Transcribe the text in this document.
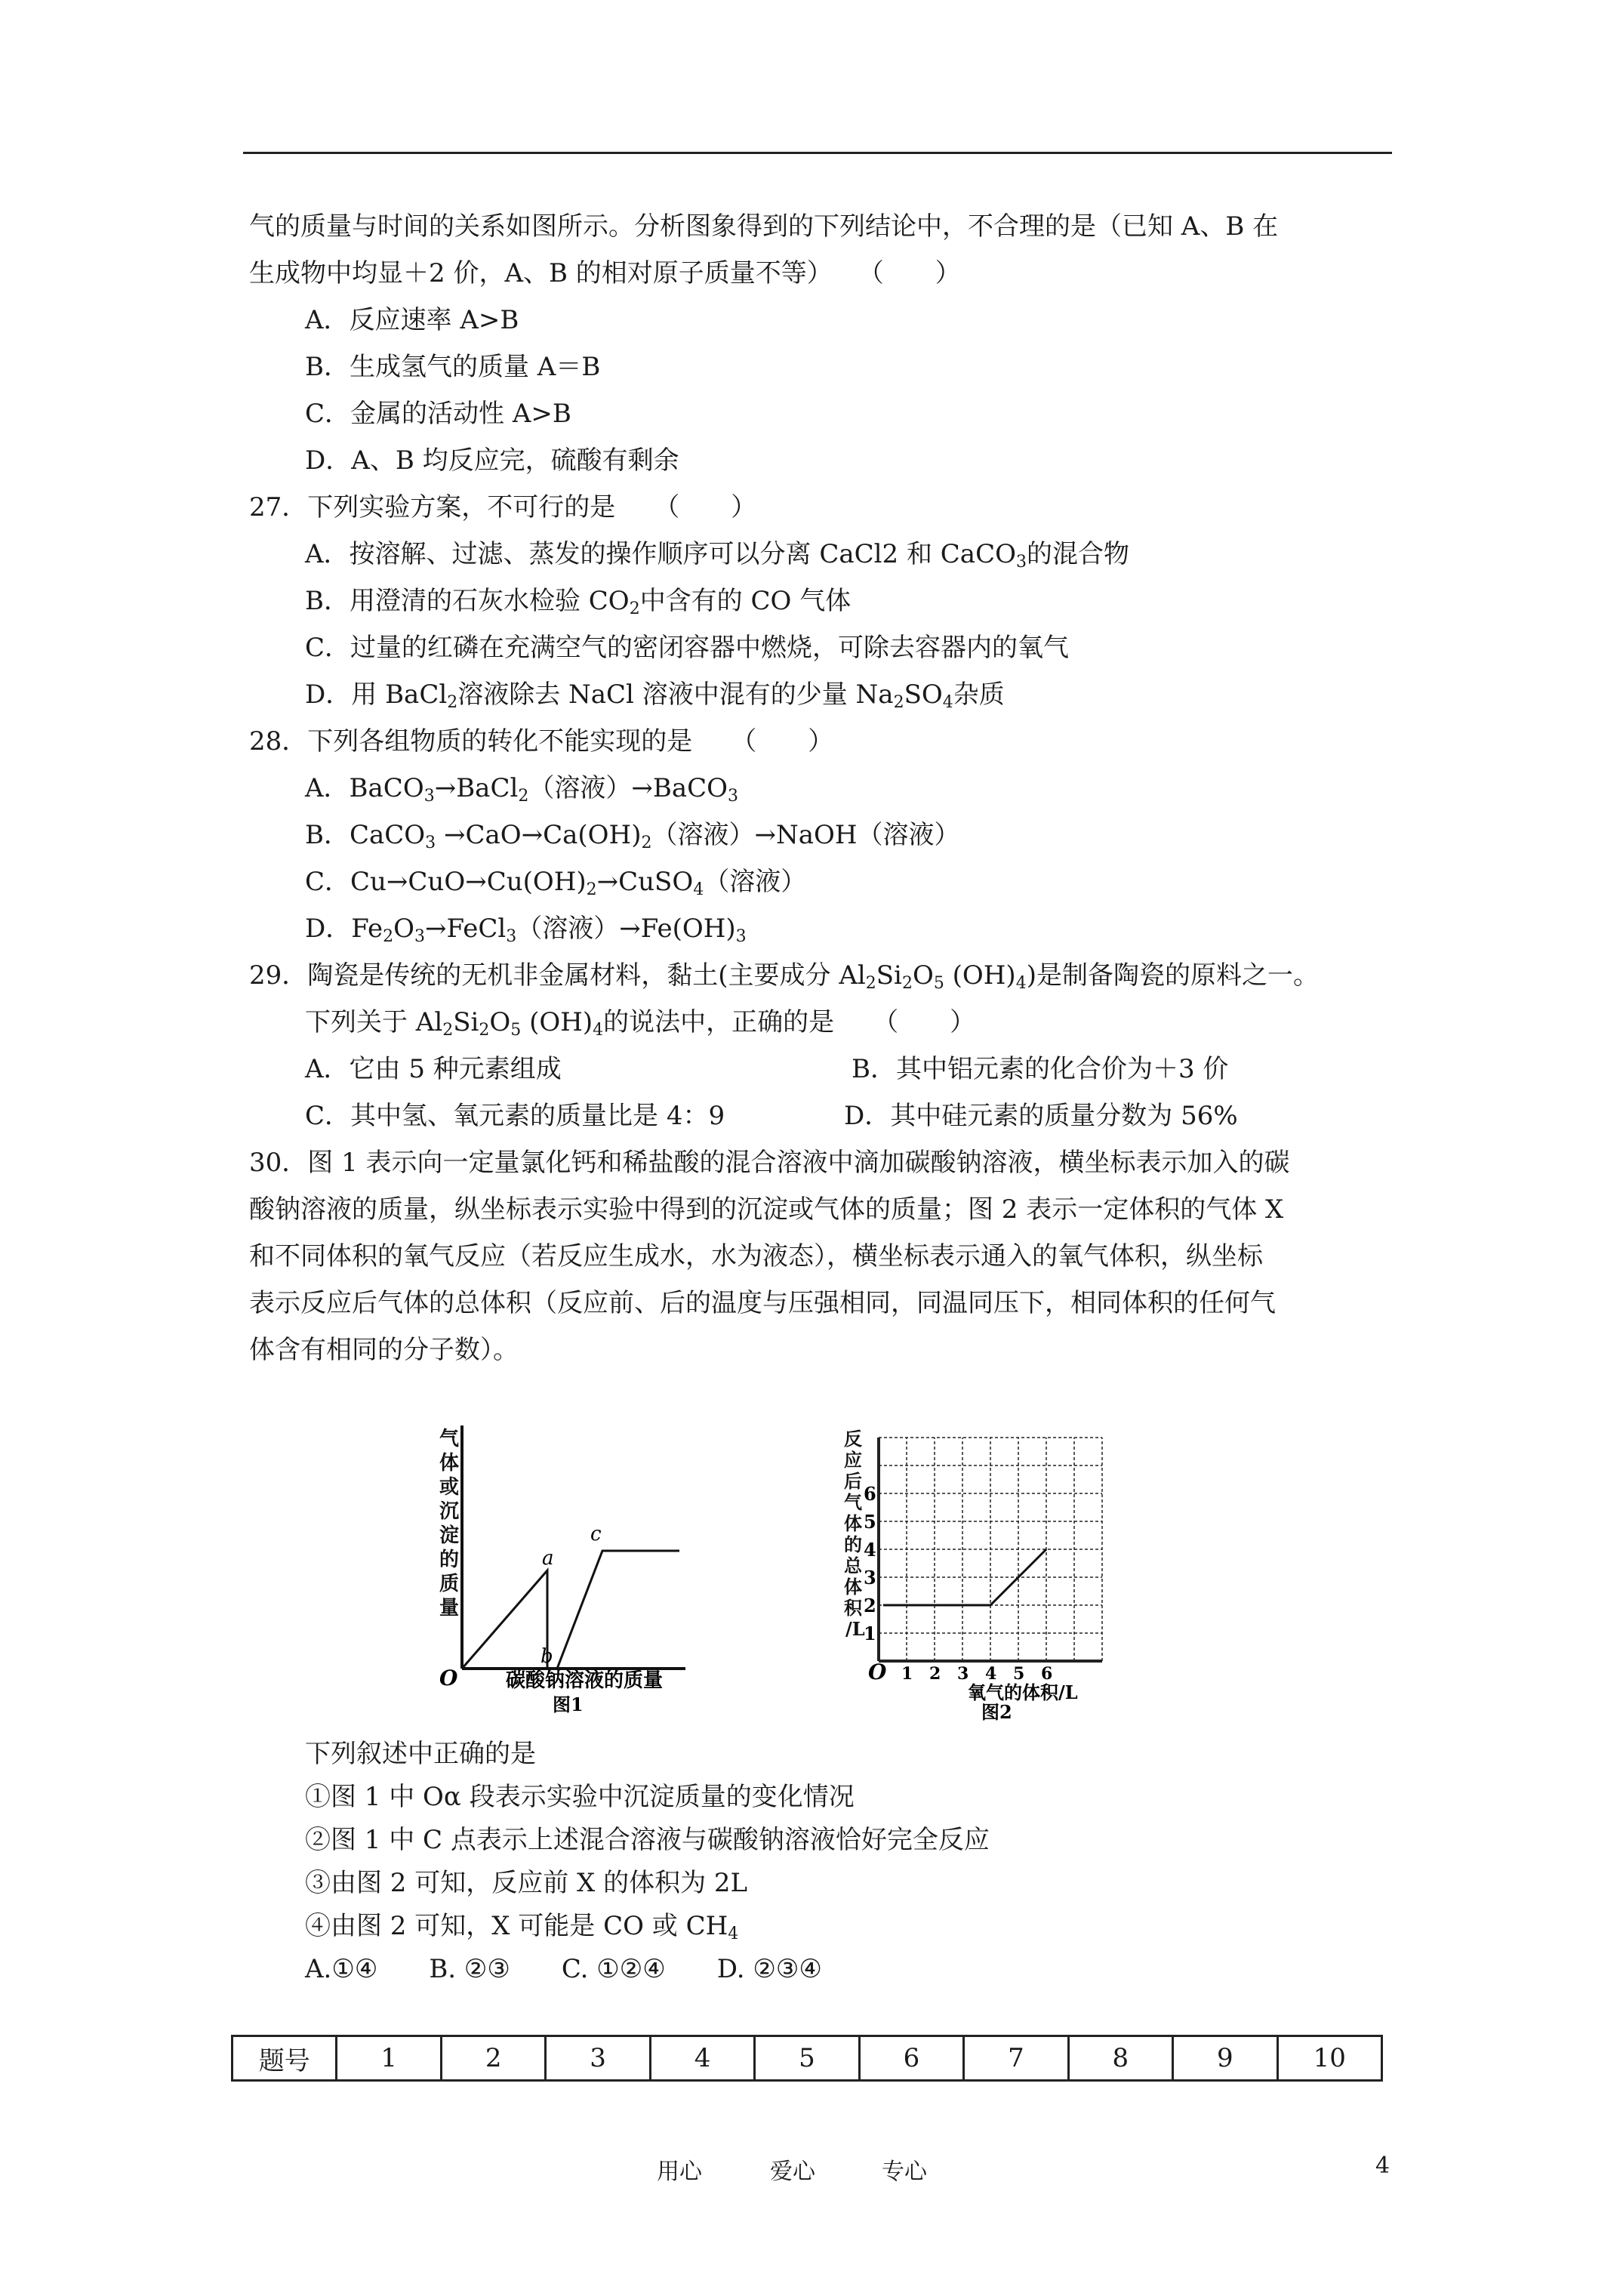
气的质量与时间的关系如图所示。分析图象得到的下列结论中，不合理的是（已知 A、B 在
生成物中均显＋2 价，A、B 的相对原子质量不等）　　（　　）
A．反应速率 A>B
B．生成氢气的质量 A＝B
C．金属的活动性 A>B
D．A、B 均反应完，硫酸有剩余
27．下列实验方案，不可行的是　　（　　）
A．按溶解、过滤、蒸发的操作顺序可以分离 CaCl2 和 CaCO$_3$的混合物
B．用澄清的石灰水检验 $CO_2$中含有的 CO 气体
C．过量的红磷在充满空气的密闭容器中燃烧，可除去容器内的氧气
D．用 BaCl$_2$溶液除去 NaCl 溶液中混有的少量 $Na_2SO_4$杂质
28．下列各组物质的转化不能实现的是　　（　　）
A．BaCO$_3$→BaCl$_2$（溶液）→BaCO$_3$
B．CaCO$_3$ $\to CaO\to Ca(OH)_2$（溶液）→NaOH（溶液）
C．$Cu\to CuO\to Cu(OH)_2\to CuSO_4$（溶液）
D．$Fe_2O_3\to FeCl_3$（溶液）$\to Fe(OH)_3$
29．陶瓷是传统的无机非金属材料，黏土(主要成分 $Al_2Si_2O_5$ $(OH)_4$)是制备陶瓷的原料之一。
下列关于 $Al_2Si_2O_5$ $(OH)_4$的说法中，正确的是　　（　　）
A．它由 5 种元素组成	B．其中铝元素的化合价为＋3 价
C．其中氢、氧元素的质量比是 4：9	D．其中硅元素的质量分数为 56%
30．图 1 表示向一定量氯化钙和稀盐酸的混合溶液中滴加碳酸钠溶液，横坐标表示加入的碳
酸钠溶液的质量，纵坐标表示实验中得到的沉淀或气体的质量；图 2 表示一定体积的气体 X
和不同体积的氧气反应（若反应生成水，水为液态），横坐标表示通入的氧气体积，纵坐标
表示反应后气体的总体积（反应前、后的温度与压强相同，同温同压下，相同体积的任何气
体含有相同的分子数）。
气
体
或
沉
淀
的
质
量
a
b
c
O 碳酸钠溶液的质量
图1
反
应
后
气
体
的
总
体
积
/L
1
2
3
4
5
6
1 2 3 4 5 6
O
氧气的体积/L
图2
下列叙述中正确的是
①图 1 中 Oα 段表示实验中沉淀质量的变化情况
②图 1 中 C 点表示上述混合溶液与碳酸钠溶液恰好完全反应
③由图 2 可知，反应前 X 的体积为 2L
④由图 2 可知，X 可能是 CO 或 $CH_4$
A.①④　　B. ②③　　C. ①②④　　D. ②③④
题号	1	2	3	4	5	6	7	8	9	10
用心	爱心	专心	4
